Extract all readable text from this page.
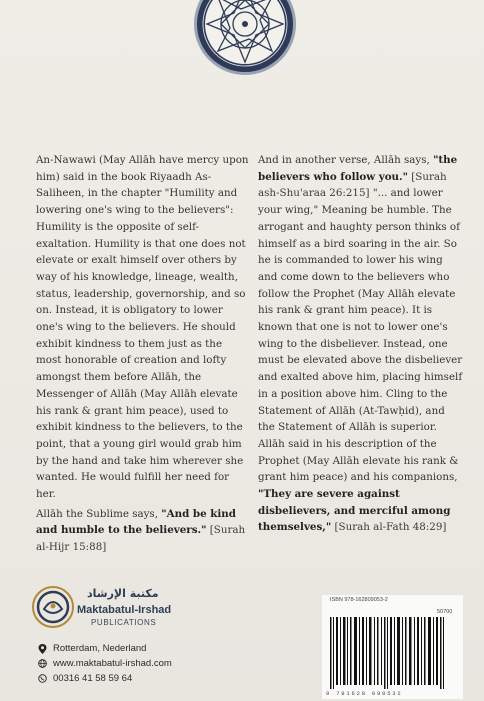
An-Nawawi (May Allāh have mercy upon him) said in the book Riyaadh As-Saliheen, in the chapter "Humility and lowering one's wing to the believers": Humility is the opposite of self-exaltation. Humility is that one does not elevate or exalt himself over others by way of his knowledge, lineage, wealth, status, leadership, governorship, and so on. Instead, it is obligatory to lower one's wing to the believers. He should exhibit kindness to them just as the most honorable of creation and lofty amongst them before Allāh, the Messenger of Allāh (May Allāh elevate his rank & grant him peace), used to exhibit kindness to the believers, to the point, that a young girl would grab him by the hand and take him wherever she wanted. He would fulfill her need for her.

Allāh the Sublime says, "And be kind and humble to the believers." [Surah al-Hijr 15:88]

And in another verse, Allāh says, "the believers who follow you." [Surah ash-Shu'araa 26:215] "... and lower your wing," Meaning be humble. The arrogant and haughty person thinks of himself as a bird soaring in the air. So he is commanded to lower his wing and come down to the believers who follow the Prophet (May Allāh elevate his rank & grant him peace). It is known that one is not to lower one's wing to the disbeliever. Instead, one must be elevated above the disbeliever and exalted above him, placing himself in a position above him. Cling to the Statement of Allāh (At-Tawḥid), and the Statement of Allāh is superior. Allāh said in his description of the Prophet (May Allāh elevate his rank & grant him peace) and his companions, "They are severe against disbelievers, and merciful among themselves," [Surah al-Fath 48:29]

مكتبة الإرشاد
Maktabatul-Irshad
PUBLICATIONS
Rotterdam, Nederland
www.maktabatul-irshad.com
00316 41 58 59 64
ISBN 978-162809053-2
50700
9 781628 090532
